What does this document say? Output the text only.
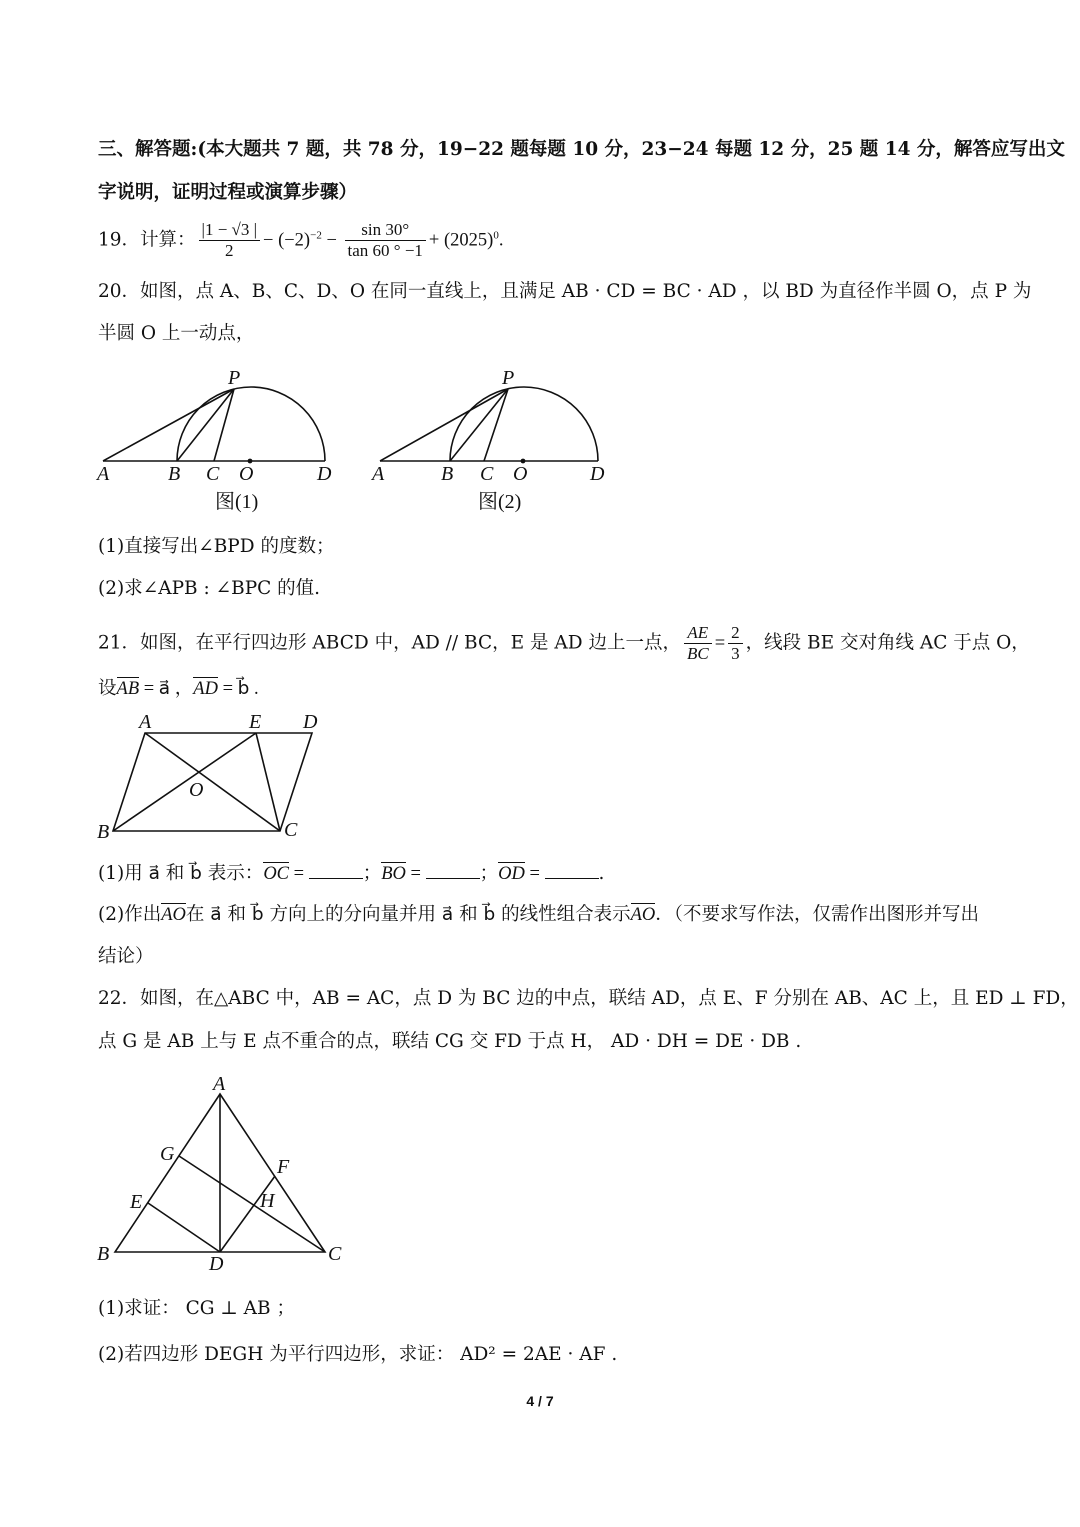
三、解答题:(本大题共 7 题，共 78 分，19−22 题每题 10 分，23−24 每题 12 分，25 题 14 分，解答应写出文
字说明，证明过程或演算步骤）
19．计算： $\frac{|1 - √3 |}{2} - (-2)^{-2} - \frac{\sin 30^\circ}{\tan 60 ^\circ -1} + (2025)^0$.
20．如图，点 A、B、C、D、O 在同一直线上，且满足 AB · CD = BC · AD ，以 BD 为直径作半圆 O，点 P 为
半圆 O 上一动点，
P
A	B C O	D
图(1)
P
A	B C O	D
图(2)
(1)直接写出∠BPD 的度数；
(2)求∠APB : ∠BPC 的值.
21．如图，在平行四边形 ABCD 中，AD // BC，E 是 AD 边上一点， $\frac{AE}{BC} = \frac{2}{3}$ ，线段 BE 交对角线 AC 于点 O，
设AB = a⃗ ，AD = b⃗ .
A	E D
O
B	C
(1)用 a⃗ 和 b⃗ 表示：OC =	；BO =	；OD =	.
(2)作出AO在 a⃗ 和 b⃗ 方向上的分向量并用 a⃗ 和 b⃗ 的线性组合表示AO．（不要求写作法，仅需作出图形并写出
结论）
22．如图，在△ABC 中，AB = AC，点 D 为 BC 边的中点，联结 AD，点 E、F 分别在 AB、AC 上，且 ED ⊥ FD，
点 G 是 AB 上与 E 点不重合的点，联结 CG 交 FD 于点 H， AD · DH = DE · DB .
A
G
F
E	H
B	D	C
(1)求证： CG ⊥ AB ；
(2)若四边形 DEGH 为平行四边形，求证： AD² = 2AE · AF .
4 / 7
